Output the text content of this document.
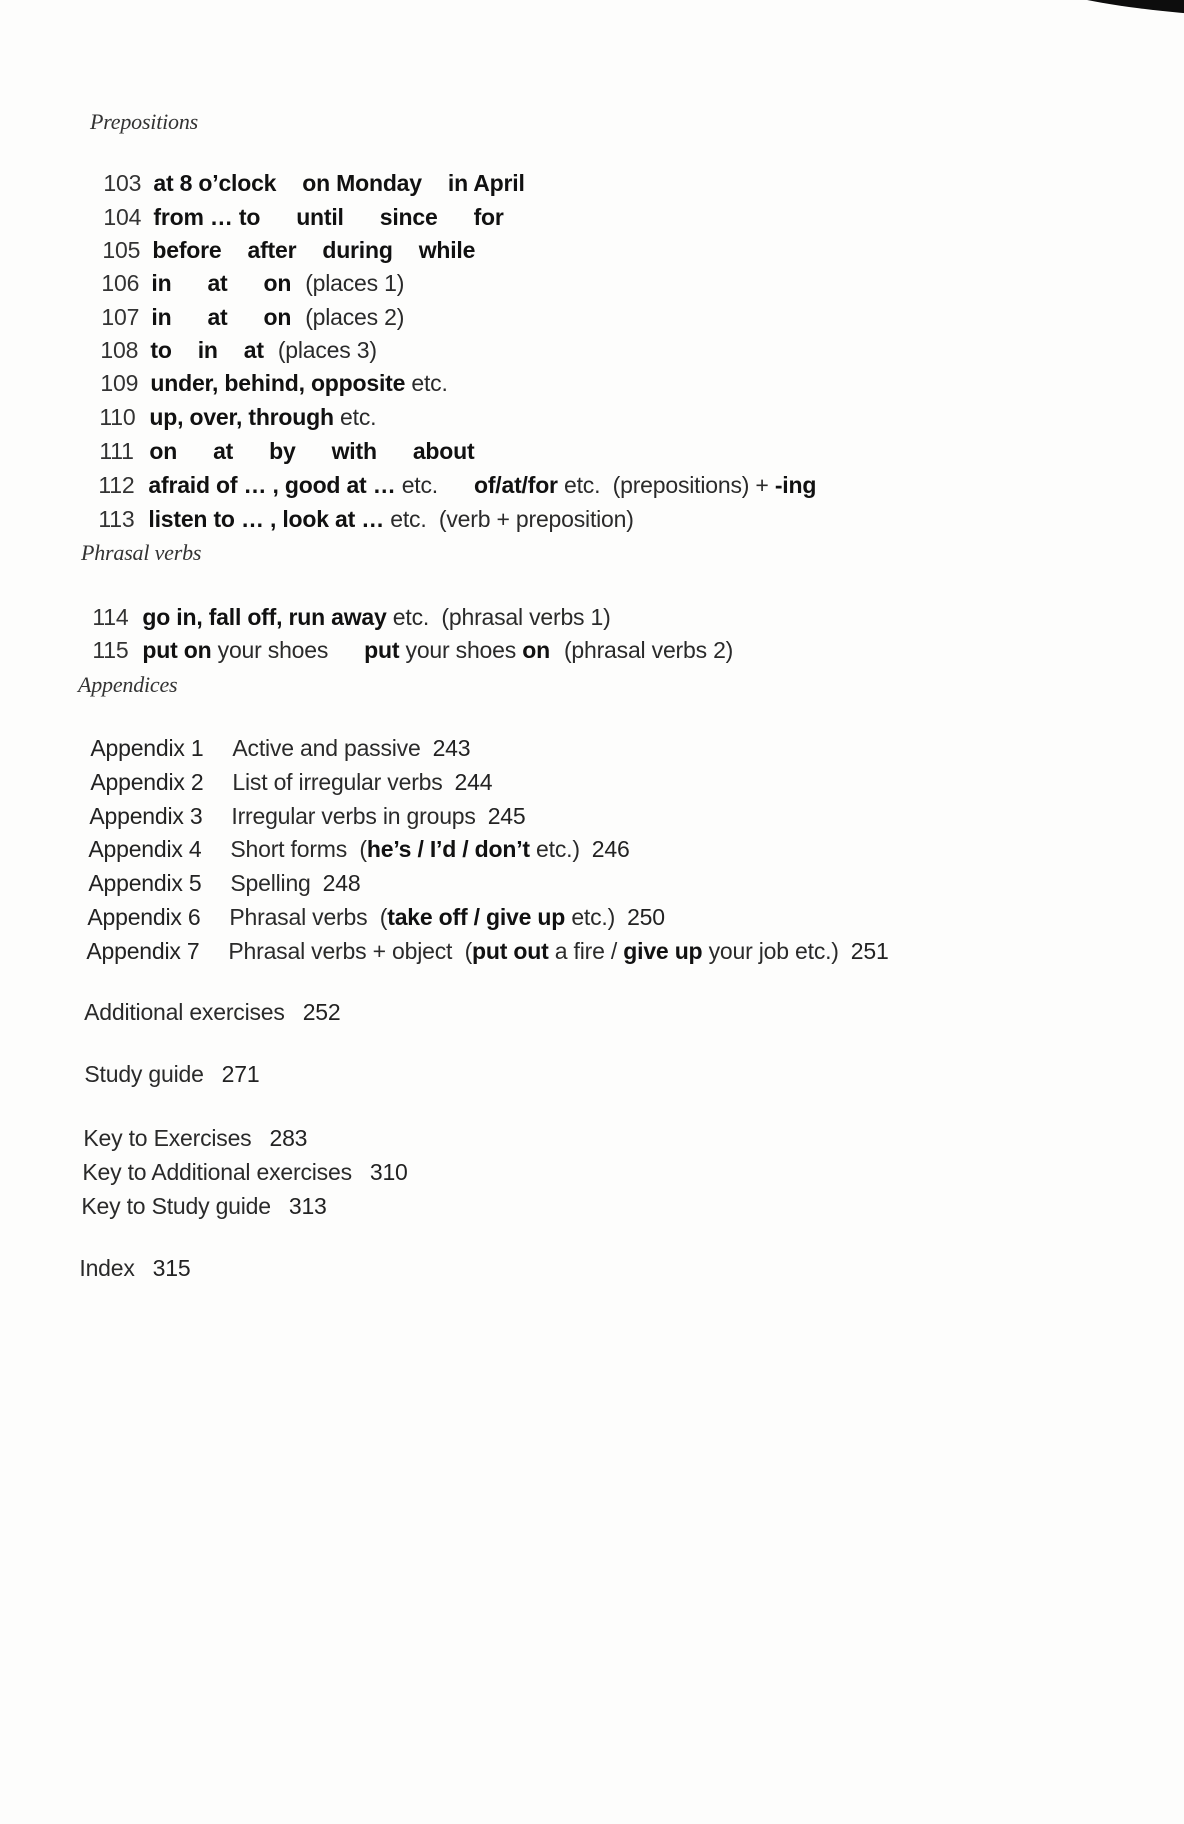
Prepositions

103 at 8 o’clock on Monday in April

104 from … to until since for

105 before after during while

106 in at on (places 1)

107 in at on (places 2)

108 to in at (places 3)

109 under, behind, opposite etc.

110 up, over, through etc.

111 on at by with about

112 afraid of … , good at … etc. of/at/for etc.  (prepositions) + -ing

113 listen to … , look at … etc.  (verb + preposition)

Phrasal verbs

114 go in, fall off, run away etc.  (phrasal verbs 1)

115 put on your shoes put your shoes on (phrasal verbs 2)

Appendices

Appendix 1 Active and passive 243

Appendix 2 List of irregular verbs 244

Appendix 3 Irregular verbs in groups 245

Appendix 4 Short forms  (he’s / I’d / don’t etc.) 246

Appendix 5 Spelling 248

Appendix 6 Phrasal verbs  (take off / give up etc.) 250

Appendix 7 Phrasal verbs + object  (put out a fire / give up your job etc.) 251

Additional exercises 252

Study guide 271

Key to Exercises 283

Key to Additional exercises 310

Key to Study guide 313

Index 315
